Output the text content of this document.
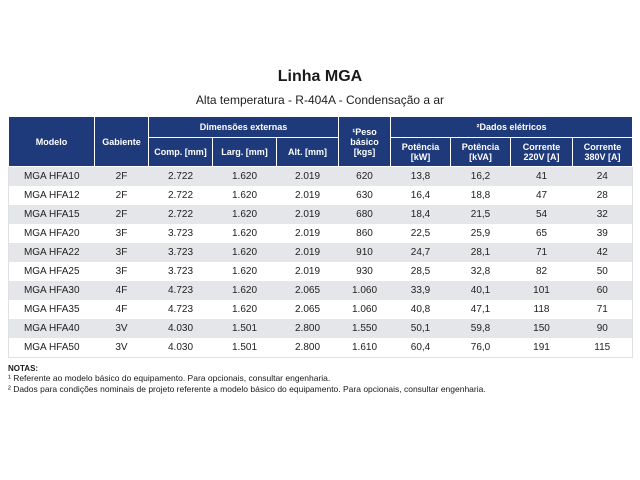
Linha MGA
Alta temperatura - R-404A - Condensação a ar
Modelo	Gabiente	Dimensões externas			¹Peso básico [kgs]	²Dados elétricos			
		Comp. [mm]	Larg. [mm]	Alt. [mm]		Potência [kW]	Potência [kVA]	Corrente 220V [A]	Corrente 380V [A]
MGA HFA10	2F	2.722	1.620	2.019	620	13,8	16,2	41	24
MGA HFA12	2F	2.722	1.620	2.019	630	16,4	18,8	47	28
MGA HFA15	2F	2.722	1.620	2.019	680	18,4	21,5	54	32
MGA HFA20	3F	3.723	1.620	2.019	860	22,5	25,9	65	39
MGA HFA22	3F	3.723	1.620	2.019	910	24,7	28,1	71	42
MGA HFA25	3F	3.723	1.620	2.019	930	28,5	32,8	82	50
MGA HFA30	4F	4.723	1.620	2.065	1.060	33,9	40,1	101	60
MGA HFA35	4F	4.723	1.620	2.065	1.060	40,8	47,1	118	71
MGA HFA40	3V	4.030	1.501	2.800	1.550	50,1	59,8	150	90
MGA HFA50	3V	4.030	1.501	2.800	1.610	60,4	76,0	191	115
NOTAS:
¹ Referente ao modelo básico do equipamento. Para opcionais, consultar engenharia.
² Dados para condições nominais de projeto referente a modelo básico do equipamento. Para opcionais, consultar engenharia.
